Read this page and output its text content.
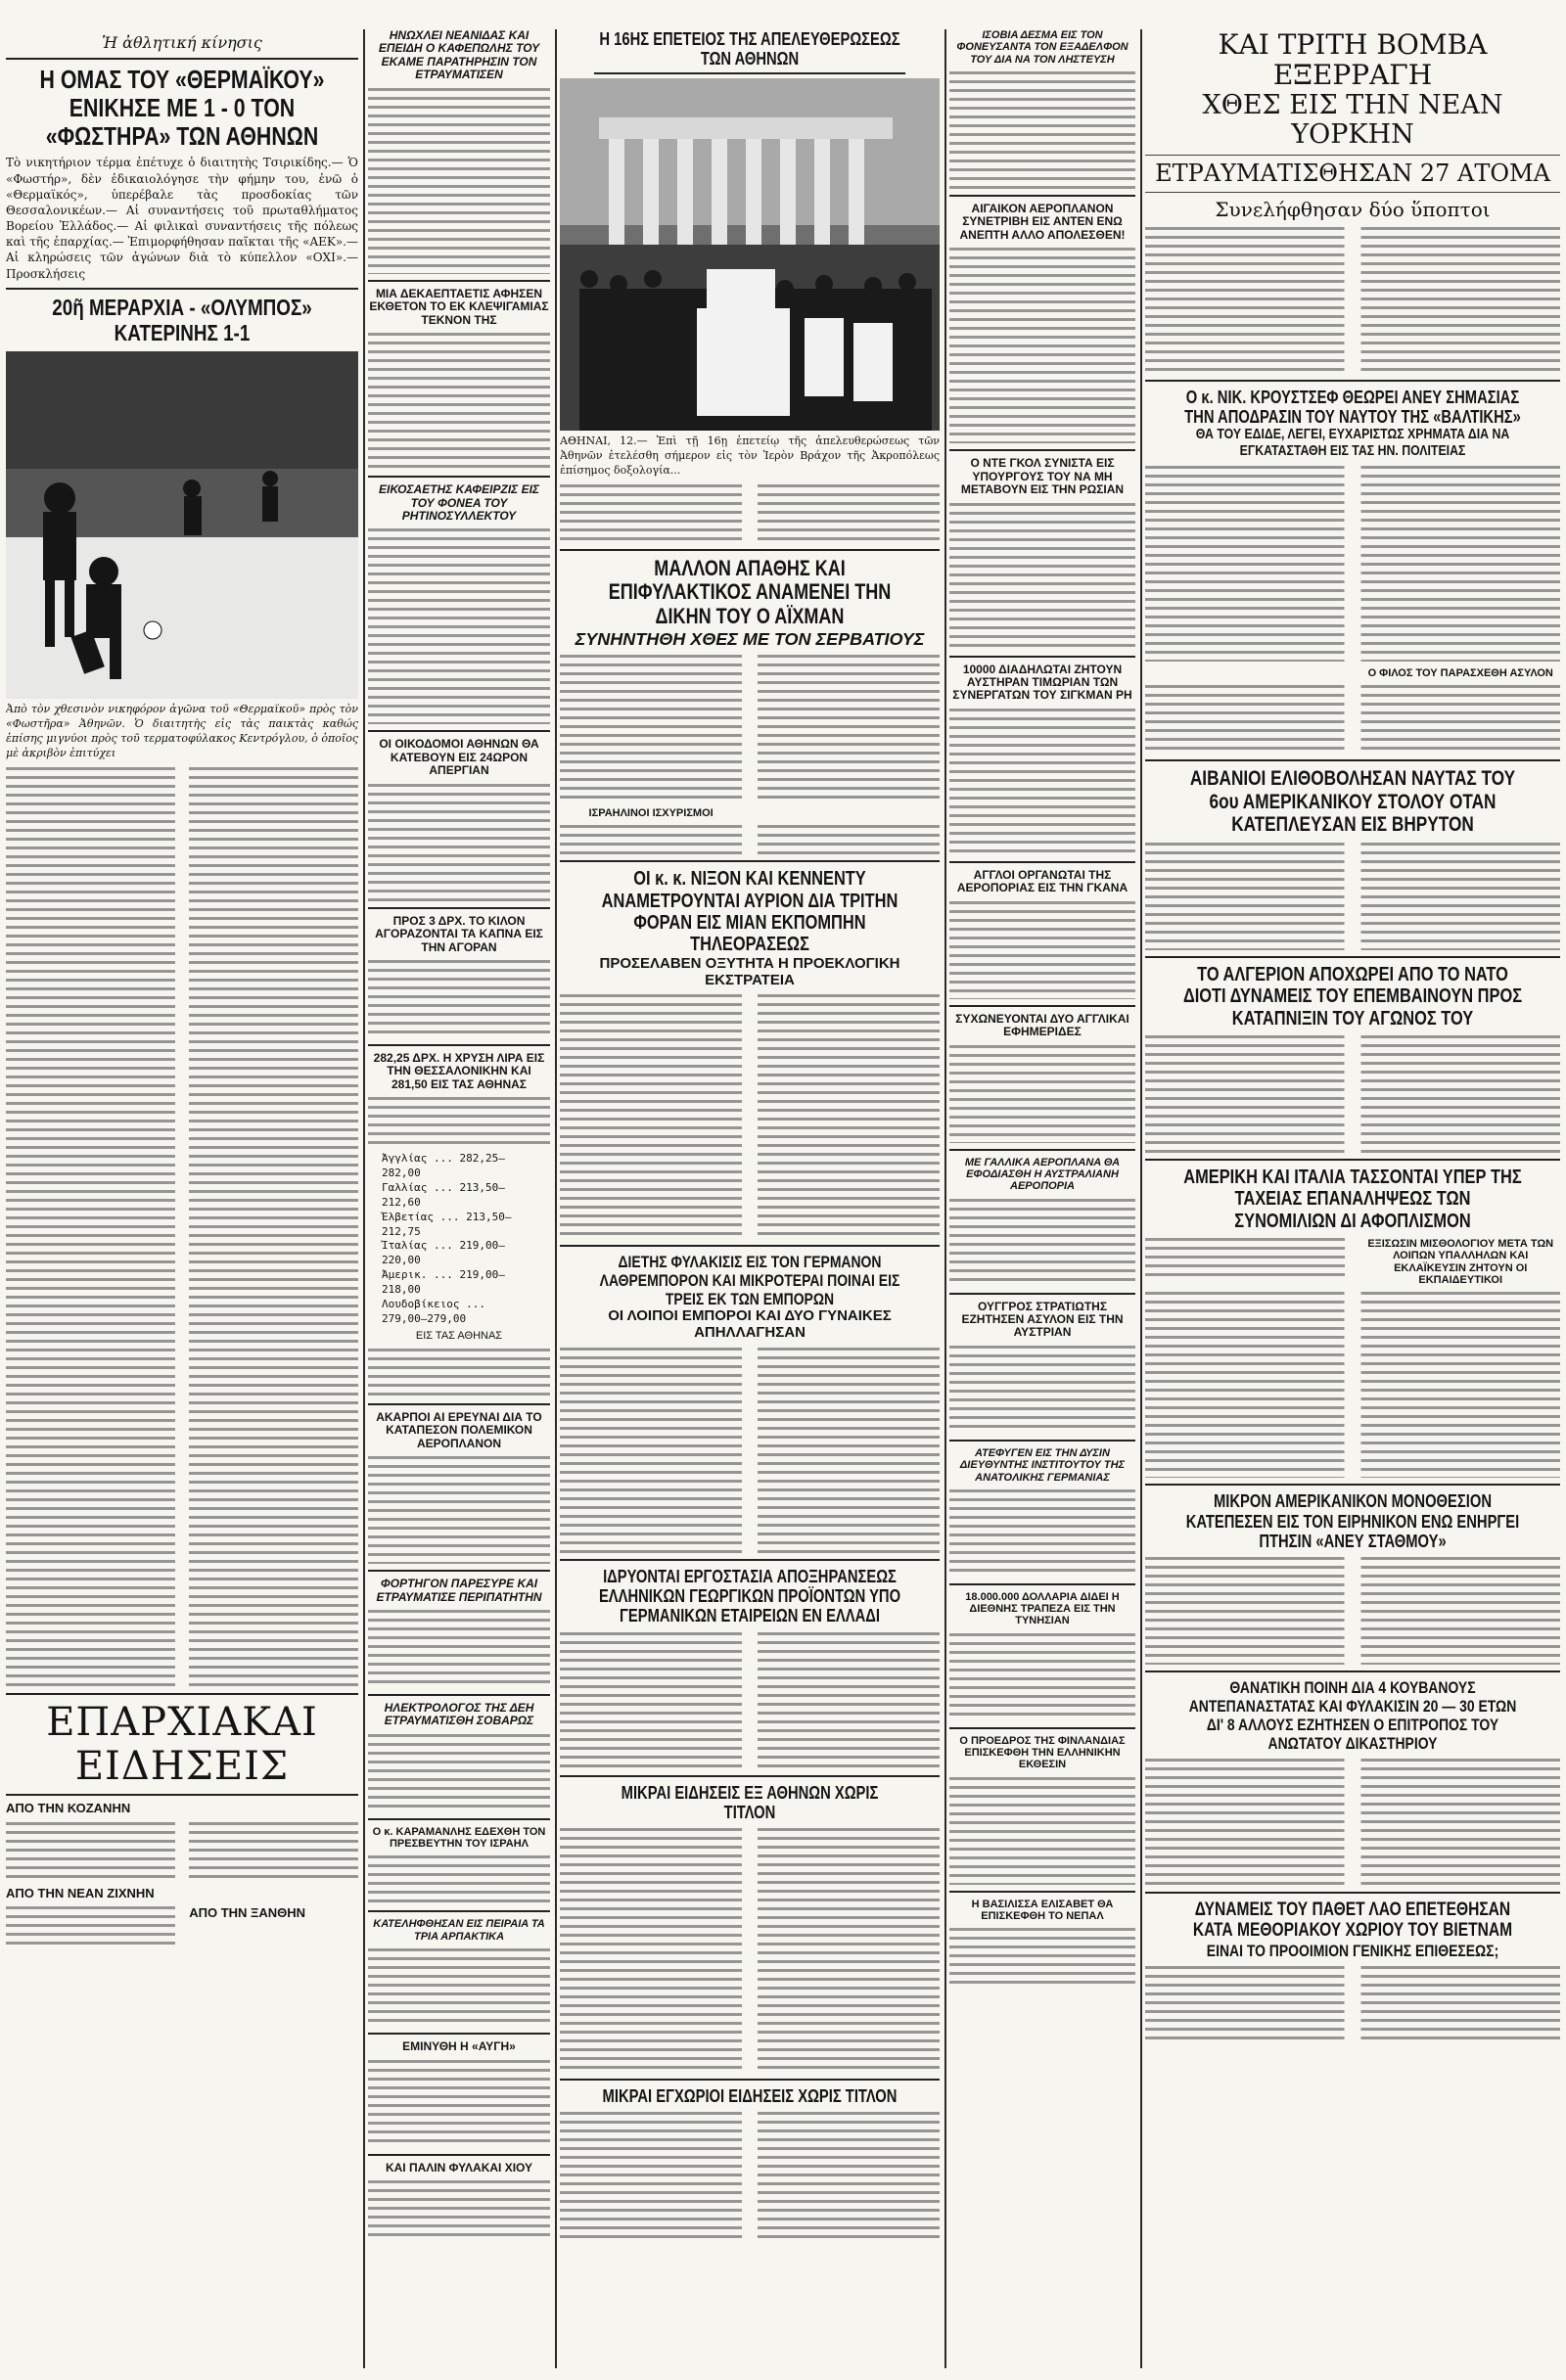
Ἡ ἀθλητική κίνησις
Η ΟΜΑΣ ΤΟΥ «ΘΕΡΜΑΪΚΟΥ» ΕΝΙΚΗΣΕ ΜΕ 1 - 0 ΤΟΝ «ΦΩΣΤΗΡΑ» ΤΩΝ ΑΘΗΝΩΝ

Τὸ νικητήριον τέρμα ἐπέτυχε ὁ διαιτητὴς Τσιρικίδης.— Ὁ «Φωστήρ», δὲν ἐδικαιολόγησε τὴν φήμην του, ἐνῶ ὁ «Θερμαϊκός», ὑπερέβαλε τὰς προσδοκίας τῶν Θεσσαλονικέων.— Αἱ συναντήσεις τοῦ πρωταθλήματος Βορείου Ἑλλάδος.— Αἱ φιλικαὶ συναντήσεις τῆς πόλεως καὶ τῆς ἐπαρχίας.— Ἐπιμορφήθησαν παῖκται τῆς «ΑΕΚ».— Αἱ κληρώσεις τῶν ἀγώνων διὰ τὸ κύπελλον «ΟΧΙ».— Προσκλήσεις

20ῆ ΜΕΡΑΡΧΙΑ - «ΟΛΥΜΠΟΣ» ΚΑΤΕΡΙΝΗΣ 1-1

Ἀπὸ τὸν χθεσινὸν νικηφόρον ἀγῶνα τοῦ «Θερμαϊκοῦ» πρὸς τὸν «Φωστῆρα» Ἀθηνῶν. Ὁ διαιτητὴς εἰς τὰς παικτὰς καθώς ἐπίσης μιγνύοι πρὸς τοῦ τερματοφύλακος Κεντρόγλου, ὁ ὁποῖος μὲ ἀκριβὸν ἐπιτύχει

ΕΠΑΡΧΙΑΚΑΙ ΕΙΔΗΣΕΙΣ
ΑΠΟ ΤΗΝ ΚΟΖΑΝΗΝ
ΑΠΟ ΤΗΝ ΝΕΑΝ ΖΙΧΝΗΝ
ΑΠΟ ΤΗΝ ΞΑΝΘΗΝ
ΗΝΩΧΛΕΙ ΝΕΑΝΙΔΑΣ ΚΑΙ ΕΠΕΙΔΗ Ο ΚΑΦΕΠΩΛΗΣ ΤΟΥ ΕΚΑΜΕ ΠΑΡΑΤΗΡΗΣΙΝ ΤΟΝ ΕΤΡΑΥΜΑΤΙΣΕΝ
ΜΙΑ ΔΕΚΑΕΠΤΑΕΤΙΣ ΑΦΗΣΕΝ ΕΚΘΕΤΟΝ ΤΟ ΕΚ ΚΛΕΨΙΓΑΜΙΑΣ ΤΕΚΝΟΝ ΤΗΣ
ΕΙΚΟΣΑΕΤΗΣ ΚΑΦΕΙΡΖΙΣ ΕΙΣ ΤΟΥ ΦΟΝΕΑ ΤΟΥ ΡΗΤΙΝΟΣΥΛΛΕΚΤΟΥ
ΟΙ ΟΙΚΟΔΟΜΟΙ ΑΘΗΝΩΝ ΘΑ ΚΑΤΕΒΟΥΝ ΕΙΣ 24ΩΡΟΝ ΑΠΕΡΓΙΑΝ
ΠΡΟΣ 3 ΔΡΧ. ΤΟ ΚΙΛΟΝ ΑΓΟΡΑΖΟΝΤΑΙ ΤΑ ΚΑΠΝΑ ΕΙΣ ΤΗΝ ΑΓΟΡΑΝ
282,25 ΔΡΧ. Η ΧΡΥΣΗ ΛΙΡΑ ΕΙΣ ΤΗΝ ΘΕΣΣΑΛΟΝΙΚΗΝ ΚΑΙ 281,50 ΕΙΣ ΤΑΣ ΑΘΗΝΑΣ
Ἀγγλίας ... 282,25–282,00
Γαλλίας ... 213,50–212,60
Ἑλβετίας ... 213,50–212,75
Ἰταλίας ... 219,00–220,00
Ἀμερικ. ... 219,00–218,00
Λουδοβίκειος ... 279,00–279,00
ΕΙΣ ΤΑΣ ΑΘΗΝΑΣ
ΑΚΑΡΠΟΙ ΑΙ ΕΡΕΥΝΑΙ ΔΙΑ ΤΟ ΚΑΤΑΠΕΣΟΝ ΠΟΛΕΜΙΚΟΝ ΑΕΡΟΠΛΑΝΟΝ
ΦΟΡΤΗΓΟΝ ΠΑΡΕΣΥΡΕ ΚΑΙ ΕΤΡΑΥΜΑΤΙΣΕ ΠΕΡΙΠΑΤΗΤΗΝ
ΗΛΕΚΤΡΟΛΟΓΟΣ ΤΗΣ ΔΕΗ ΕΤΡΑΥΜΑΤΙΣΘΗ ΣΟΒΑΡΩΣ
Ο κ. ΚΑΡΑΜΑΝΛΗΣ ΕΔΕΧΘΗ ΤΟΝ ΠΡΕΣΒΕΥΤΗΝ ΤΟΥ ΙΣΡΑΗΛ
ΚΑΤΕΛΗΦΘΗΣΑΝ ΕΙΣ ΠΕΙΡΑΙΑ ΤΑ ΤΡΙΑ ΑΡΠΑΚΤΙΚΑ
ΕΜΙΝΥΘΗ Η «ΑΥΓΗ»
ΚΑΙ ΠΑΛΙΝ ΦΥΛΑΚΑΙ ΧΙΟΥ
Η 16ΗΣ ΕΠΕΤΕΙΟΣ ΤΗΣ ΑΠΕΛΕΥΘΕΡΩΣΕΩΣ ΤΩΝ ΑΘΗΝΩΝ

ΑΘΗΝΑΙ, 12.— Ἐπὶ τῇ 16ῃ ἐπετείῳ τῆς ἀπελευθερώσεως τῶν Ἀθηνῶν ἐτελέσθη σήμερον εἰς τὸν Ἱερὸν Βράχον τῆς Ἀκροπόλεως ἐπίσημος δοξολογία...

ΜΑΛΛΟΝ ΑΠΑΘΗΣ ΚΑΙ ΕΠΙΦΥΛΑΚΤΙΚΟΣ ΑΝΑΜΕΝΕΙ ΤΗΝ ΔΙΚΗΝ ΤΟΥ Ο ΑΪΧΜΑΝ
ΣΥΝΗΝΤΗΘΗ ΧΘΕΣ ΜΕ ΤΟΝ ΣΕΡΒΑΤΙΟΥΣ
ΙΣΡΑΗΛΙΝΟΙ ΙΣΧΥΡΙΣΜΟΙ
ΟΙ κ. κ. ΝΙΞΟΝ ΚΑΙ ΚΕΝΝΕΝΤΥ ΑΝΑΜΕΤΡΟΥΝΤΑΙ ΑΥΡΙΟΝ ΔΙΑ ΤΡΙΤΗΝ ΦΟΡΑΝ ΕΙΣ ΜΙΑΝ ΕΚΠΟΜΠΗΝ ΤΗΛΕΟΡΑΣΕΩΣ
ΠΡΟΣΕΛΑΒΕΝ ΟΞΥΤΗΤΑ Η ΠΡΟΕΚΛΟΓΙΚΗ ΕΚΣΤΡΑΤΕΙΑ
ΔΙΕΤΗΣ ΦΥΛΑΚΙΣΙΣ ΕΙΣ ΤΟΝ ΓΕΡΜΑΝΟΝ ΛΑΘΡΕΜΠΟΡΟΝ ΚΑΙ ΜΙΚΡΟΤΕΡΑΙ ΠΟΙΝΑΙ ΕΙΣ ΤΡΕΙΣ ΕΚ ΤΩΝ ΕΜΠΟΡΩΝ
ΟΙ ΛΟΙΠΟΙ ΕΜΠΟΡΟΙ ΚΑΙ ΔΥΟ ΓΥΝΑΙΚΕΣ ΑΠΗΛΛΑΓΗΣΑΝ
ΙΔΡΥΟΝΤΑΙ ΕΡΓΟΣΤΑΣΙΑ ΑΠΟΞΗΡΑΝΣΕΩΣ ΕΛΛΗΝΙΚΩΝ ΓΕΩΡΓΙΚΩΝ ΠΡΟΪΟΝΤΩΝ ΥΠΟ ΓΕΡΜΑΝΙΚΩΝ ΕΤΑΙΡΕΙΩΝ ΕΝ ΕΛΛΑΔΙ
ΜΙΚΡΑΙ ΕΙΔΗΣΕΙΣ ΕΞ ΑΘΗΝΩΝ ΧΩΡΙΣ ΤΙΤΛΟΝ
ΜΙΚΡΑΙ ΕΓΧΩΡΙΟΙ ΕΙΔΗΣΕΙΣ ΧΩΡΙΣ ΤΙΤΛΟΝ
ΙΣΟΒΙΑ ΔΕΣΜΑ ΕΙΣ ΤΟΝ ΦΟΝΕΥΣΑΝΤΑ ΤΟΝ ΕΞΑΔΕΛΦΟΝ ΤΟΥ ΔΙΑ ΝΑ ΤΟΝ ΛΗΣΤΕΥΣΗ
ΑΙΓΑΙΚΟΝ ΑΕΡΟΠΛΑΝΟΝ ΣΥΝΕΤΡΙΒΗ ΕΙΣ ΑΝΤΕΝ ΕΝΩ ΑΝΕΠΤΗ ΑΛΛΟ ΑΠΟΛΕΣΘΕΝ!
Ο ΝΤΕ ΓΚΟΛ ΣΥΝΙΣΤΑ ΕΙΣ ΥΠΟΥΡΓΟΥΣ ΤΟΥ ΝΑ ΜΗ ΜΕΤΑΒΟΥΝ ΕΙΣ ΤΗΝ ΡΩΣΙΑΝ
10000 ΔΙΑΔΗΛΩΤΑΙ ΖΗΤΟΥΝ ΑΥΣΤΗΡΑΝ ΤΙΜΩΡΙΑΝ ΤΩΝ ΣΥΝΕΡΓΑΤΩΝ ΤΟΥ ΣΙΓΚΜΑΝ ΡΗ
ΑΓΓΛΟΙ ΟΡΓΑΝΩΤΑΙ ΤΗΣ ΑΕΡΟΠΟΡΙΑΣ ΕΙΣ ΤΗΝ ΓΚΑΝΑ
ΣΥΧΩΝΕΥΟΝΤΑΙ ΔΥΟ ΑΓΓΛΙΚΑΙ ΕΦΗΜΕΡΙΔΕΣ
ΜΕ ΓΑΛΛΙΚΑ ΑΕΡΟΠΛΑΝΑ ΘΑ ΕΦΟΔΙΑΣΘΗ Η ΑΥΣΤΡΑΛΙΑΝΗ ΑΕΡΟΠΟΡΙΑ
ΟΥΓΓΡΟΣ ΣΤΡΑΤΙΩΤΗΣ ΕΖΗΤΗΣΕΝ ΑΣΥΛΟΝ ΕΙΣ ΤΗΝ ΑΥΣΤΡΙΑΝ
ΑΤΕΦΥΓΕΝ ΕΙΣ ΤΗΝ ΔΥΣΙΝ ΔΙΕΥΘΥΝΤΗΣ ΙΝΣΤΙΤΟΥΤΟΥ ΤΗΣ ΑΝΑΤΟΛΙΚΗΣ ΓΕΡΜΑΝΙΑΣ
18.000.000 ΔΟΛΛΑΡΙΑ ΔΙΔΕΙ Η ΔΙΕΘΝΗΣ ΤΡΑΠΕΖΑ ΕΙΣ ΤΗΝ ΤΥΝΗΣΙΑΝ
Ο ΠΡΟΕΔΡΟΣ ΤΗΣ ΦΙΝΛΑΝΔΙΑΣ ΕΠΙΣΚΕΦΘΗ ΤΗΝ ΕΛΛΗΝΙΚΗΝ ΕΚΘΕΣΙΝ
Η ΒΑΣΙΛΙΣΣΑ ΕΛΙΣΑΒΕΤ ΘΑ ΕΠΙΣΚΕΦΘΗ ΤΟ ΝΕΠΑΛ
ΚΑΙ ΤΡΙΤΗ ΒΟΜΒΑ ΕΞΕΡΡΑΓΗ
ΧΘΕΣ ΕΙΣ ΤΗΝ ΝΕΑΝ ΥΟΡΚΗΝ
ΕΤΡΑΥΜΑΤΙΣΘΗΣΑΝ 27 ΑΤΟΜΑ
Συνελήφθησαν δύο ὕποπτοι
Ο κ. ΝΙΚ. ΚΡΟΥΣΤΣΕΦ ΘΕΩΡΕΙ ΑΝΕΥ ΣΗΜΑΣΙΑΣ ΤΗΝ ΑΠΟΔΡΑΣΙΝ ΤΟΥ ΝΑΥΤΟΥ ΤΗΣ «ΒΑΛΤΙΚΗΣ»
ΘΑ ΤΟΥ ΕΔΙΔΕ, ΛΕΓΕΙ, ΕΥΧΑΡΙΣΤΩΣ ΧΡΗΜΑΤΑ ΔΙΑ ΝΑ ΕΓΚΑΤΑΣΤΑΘΗ ΕΙΣ ΤΑΣ ΗΝ. ΠΟΛΙΤΕΙΑΣ
Ο ΦΙΛΟΣ ΤΟΥ ΠΑΡΑΣΧΕΘΗ ΑΣΥΛΟΝ
ΑΙΒΑΝΙΟΙ ΕΛΙΘΟΒΟΛΗΣΑΝ ΝΑΥΤΑΣ ΤΟΥ 6ου ΑΜΕΡΙΚΑΝΙΚΟΥ ΣΤΟΛΟΥ ΟΤΑΝ ΚΑΤΕΠΛΕΥΣΑΝ ΕΙΣ ΒΗΡΥΤΟΝ
ΤΟ ΑΛΓΕΡΙΟΝ ΑΠΟΧΩΡΕΙ ΑΠΟ ΤΟ ΝΑΤΟ ΔΙΟΤΙ ΔΥΝΑΜΕΙΣ ΤΟΥ ΕΠΕΜΒΑΙΝΟΥΝ ΠΡΟΣ ΚΑΤΑΠΝΙΞΙΝ ΤΟΥ ΑΓΩΝΟΣ ΤΟΥ
ΑΜΕΡΙΚΗ ΚΑΙ ΙΤΑΛΙΑ ΤΑΣΣΟΝΤΑΙ ΥΠΕΡ ΤΗΣ ΤΑΧΕΙΑΣ ΕΠΑΝΑΛΗΨΕΩΣ ΤΩΝ ΣΥΝΟΜΙΛΙΩΝ ΔΙ ΑΦΟΠΛΙΣΜΟΝ
ΕΞΙΣΩΣΙΝ ΜΙΣΘΟΛΟΓΙΟΥ ΜΕΤΑ ΤΩΝ ΛΟΙΠΩΝ ΥΠΑΛΛΗΛΩΝ ΚΑΙ ΕΚΛΑΪΚΕΥΣΙΝ ΖΗΤΟΥΝ ΟΙ ΕΚΠΑΙΔΕΥΤΙΚΟΙ
ΜΙΚΡΟΝ ΑΜΕΡΙΚΑΝΙΚΟΝ ΜΟΝΟΘΕΣΙΟΝ ΚΑΤΕΠΕΣΕΝ ΕΙΣ ΤΟΝ ΕΙΡΗΝΙΚΟΝ ΕΝΩ ΕΝΗΡΓΕΙ ΠΤΗΣΙΝ «ΑΝΕΥ ΣΤΑΘΜΟΥ»
ΘΑΝΑΤΙΚΗ ΠΟΙΝΗ ΔΙΑ 4 ΚΟΥΒΑΝΟΥΣ ΑΝΤΕΠΑΝΑΣΤΑΤΑΣ ΚΑΙ ΦΥΛΑΚΙΣΙΝ 20 — 30 ΕΤΩΝ ΔΙ' 8 ΑΛΛΟΥΣ ΕΖΗΤΗΣΕΝ Ο ΕΠΙΤΡΟΠΟΣ ΤΟΥ ΑΝΩΤΑΤΟΥ ΔΙΚΑΣΤΗΡΙΟΥ
ΔΥΝΑΜΕΙΣ ΤΟΥ ΠΑΘΕΤ ΛΑΟ ΕΠΕΤΕΘΗΣΑΝ ΚΑΤΑ ΜΕΘΟΡΙΑΚΟΥ ΧΩΡΙΟΥ ΤΟΥ ΒΙΕΤΝΑΜ
ΕΙΝΑΙ ΤΟ ΠΡΟΟΙΜΙΟΝ ΓΕΝΙΚΗΣ ΕΠΙΘΕΣΕΩΣ;
